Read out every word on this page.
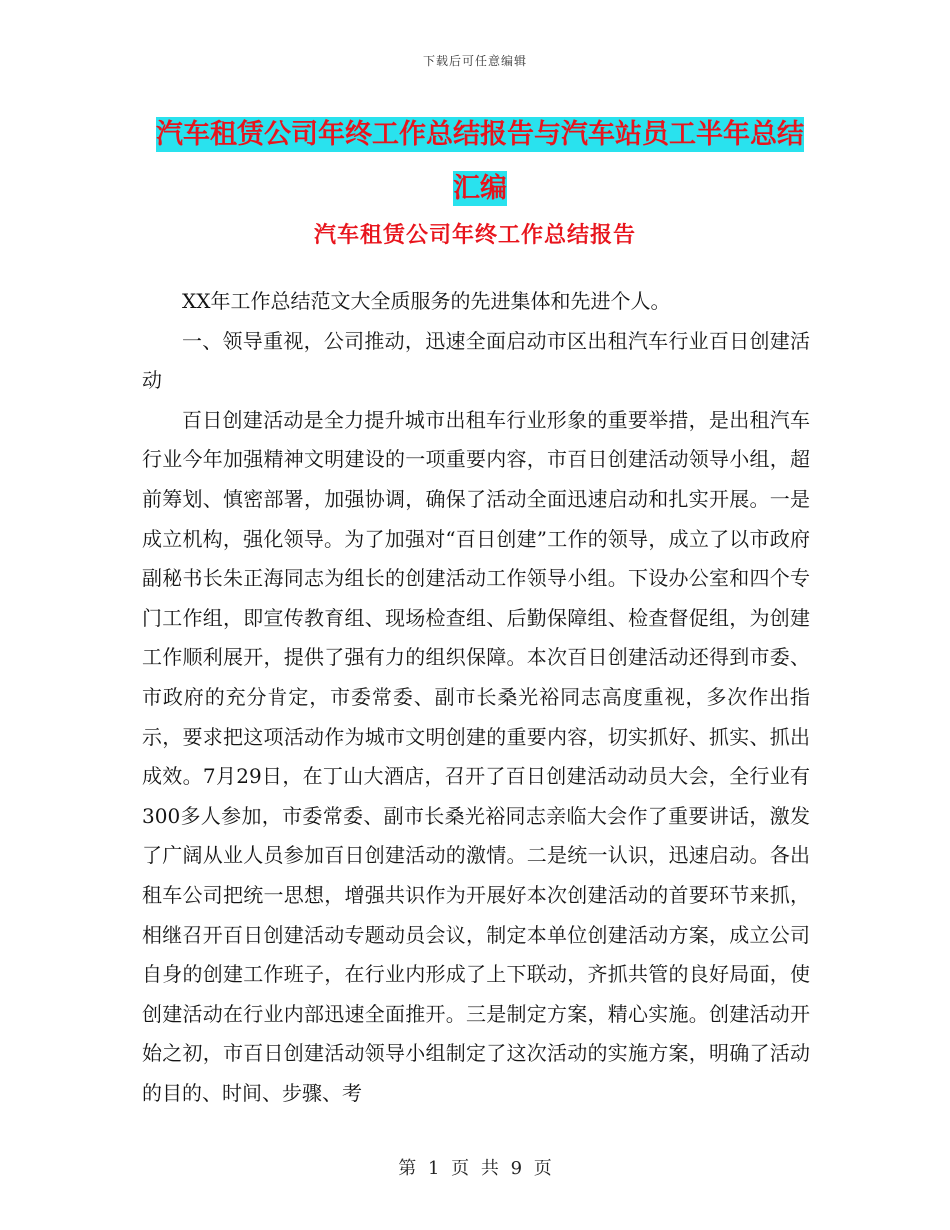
下载后可任意编辑
汽车租赁公司年终工作总结报告与汽车站员工半年总结汇编
汽车租赁公司年终工作总结报告

XX年工作总结范文大全质服务的先进集体和先进个人。

一、领导重视，公司推动，迅速全面启动市区出租汽车行业百日创建活动

百日创建活动是全力提升城市出租车行业形象的重要举措，是出租汽车行业今年加强精神文明建设的一项重要内容，市百日创建活动领导小组，超前筹划、慎密部署，加强协调，确保了活动全面迅速启动和扎实开展。一是成立机构，强化领导。为了加强对“百日创建”工作的领导，成立了以市政府副秘书长朱正海同志为组长的创建活动工作领导小组。下设办公室和四个专门工作组，即宣传教育组、现场检查组、后勤保障组、检查督促组，为创建工作顺利展开，提供了强有力的组织保障。本次百日创建活动还得到市委、市政府的充分肯定，市委常委、副市长桑光裕同志高度重视，多次作出指示，要求把这项活动作为城市文明创建的重要内容，切实抓好、抓实、抓出成效。7月29日，在丁山大酒店，召开了百日创建活动动员大会，全行业有300多人参加，市委常委、副市长桑光裕同志亲临大会作了重要讲话，激发了广阔从业人员参加百日创建活动的激情。二是统一认识，迅速启动。各出租车公司把统一思想，增强共识作为开展好本次创建活动的首要环节来抓，相继召开百日创建活动专题动员会议，制定本单位创建活动方案，成立公司自身的创建工作班子，在行业内形成了上下联动，齐抓共管的良好局面，使创建活动在行业内部迅速全面推开。三是制定方案，精心实施。创建活动开始之初，市百日创建活动领导小组制定了这次活动的实施方案，明确了活动的目的、时间、步骤、考

第 1 页 共 9 页
